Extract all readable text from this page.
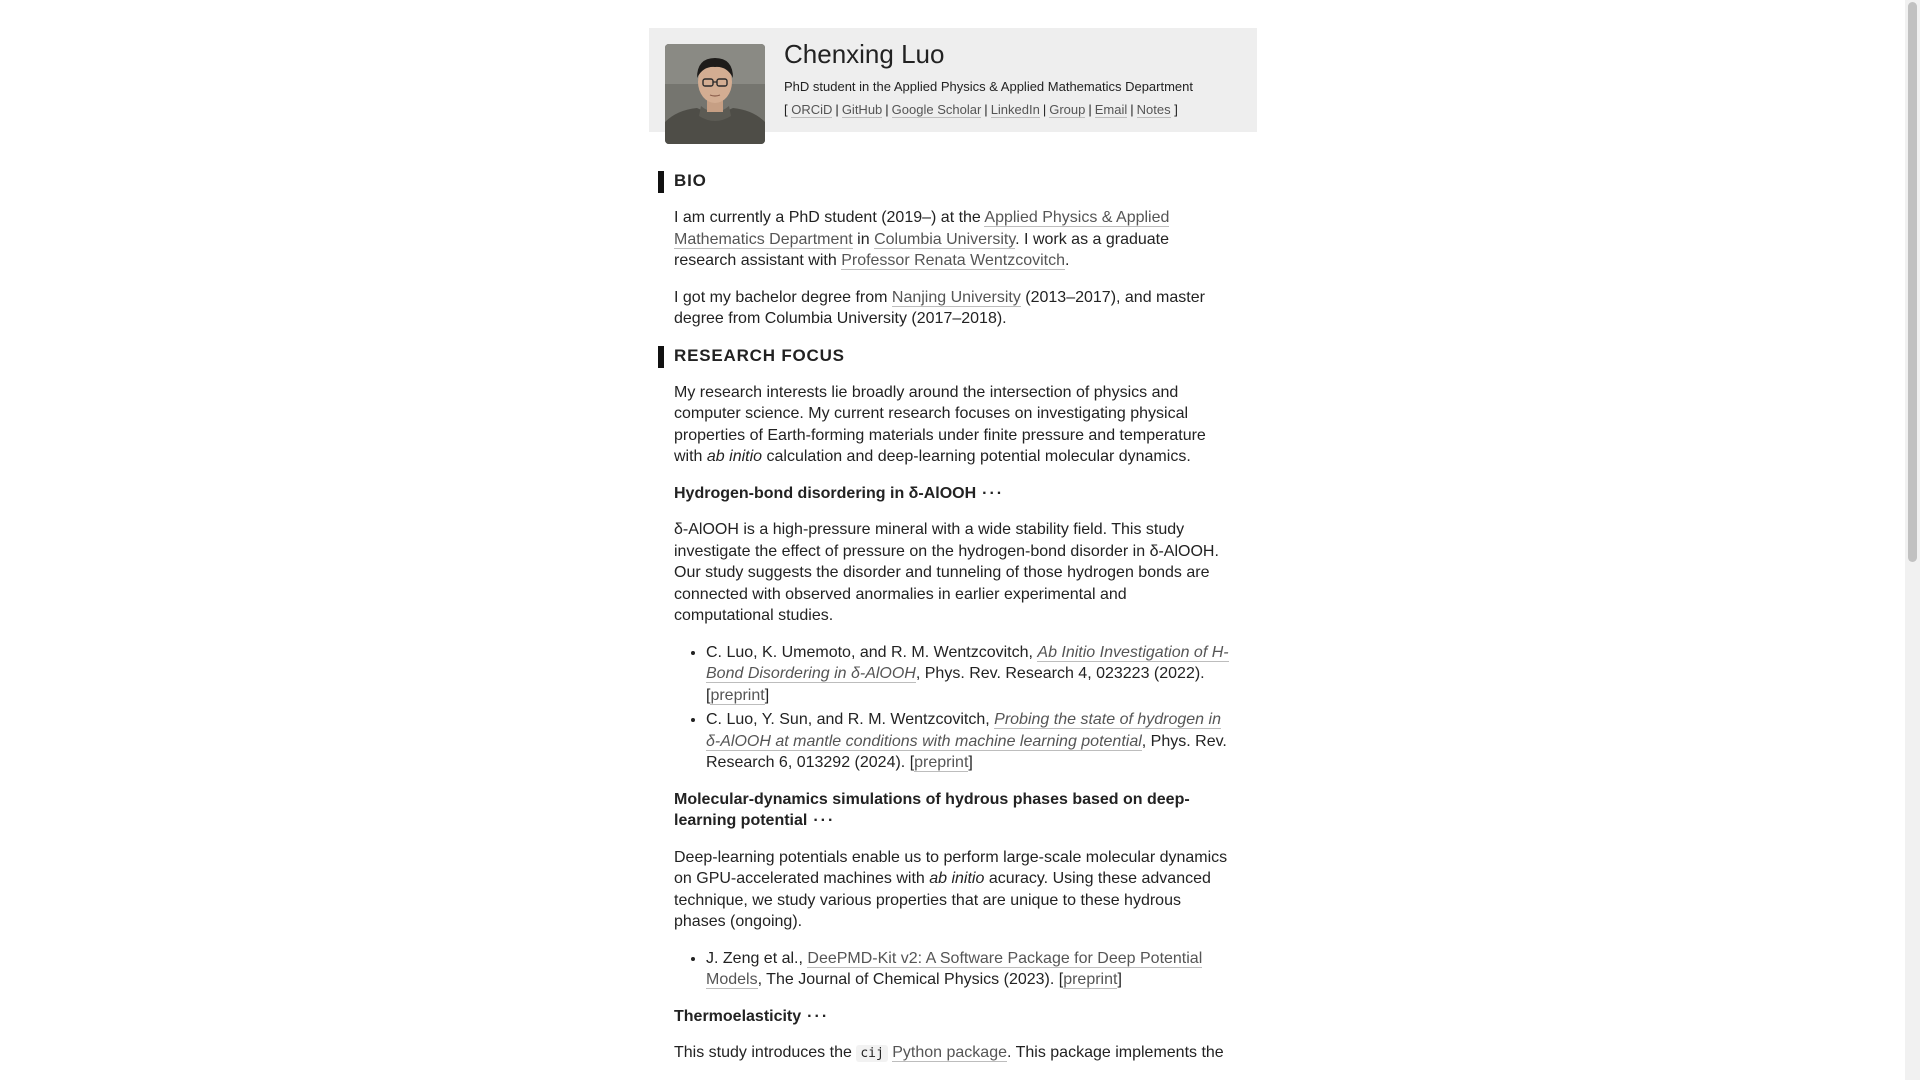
Chenxing Luo
PhD student in the Applied Physics & Applied Mathematics Department
[ ORCiD | GitHub | Google Scholar | LinkedIn | Group | Email | Notes ]
BIO

I am currently a PhD student (2019–) at the Applied Physics & Applied Mathematics Department in Columbia University. I work as a graduate research assistant with Professor Renata Wentzcovitch.

I got my bachelor degree from Nanjing University (2013–2017), and master degree from Columbia University (2017–2018).

RESEARCH FOCUS

My research interests lie broadly around the intersection of physics and computer science. My current research focuses on investigating physical properties of Earth-forming materials under finite pressure and temperature with ab initio calculation and deep-learning potential molecular dynamics.

Hydrogen-bond disordering in δ-AlOOH ···

δ-AlOOH is a high-pressure mineral with a wide stability field. This study investigate the effect of pressure on the hydrogen-bond disorder in δ-AlOOH. Our study suggests the disorder and tunneling of those hydrogen bonds are connected with observed anormalies in earlier experimental and computational studies.

• C. Luo, K. Umemoto, and R. M. Wentzcovitch, Ab Initio Investigation of H-Bond Disordering in δ-AlOOH, Phys. Rev. Research 4, 023223 (2022). [preprint]
• C. Luo, Y. Sun, and R. M. Wentzcovitch, Probing the state of hydrogen in δ-AlOOH at mantle conditions with machine learning potential, Phys. Rev. Research 6, 013292 (2024). [preprint]
Molecular-dynamics simulations of hydrous phases based on deep-learning potential ···

Deep-learning potentials enable us to perform large-scale molecular dynamics on GPU-accelerated machines with ab initio acuracy. Using these advanced technique, we study various properties that are unique to these hydrous phases (ongoing).

• J. Zeng et al., DeePMD-Kit v2: A Software Package for Deep Potential Models, The Journal of Chemical Physics (2023). [preprint]
Thermoelasticity ···

This study introduces the cij Python package. This package implements the
